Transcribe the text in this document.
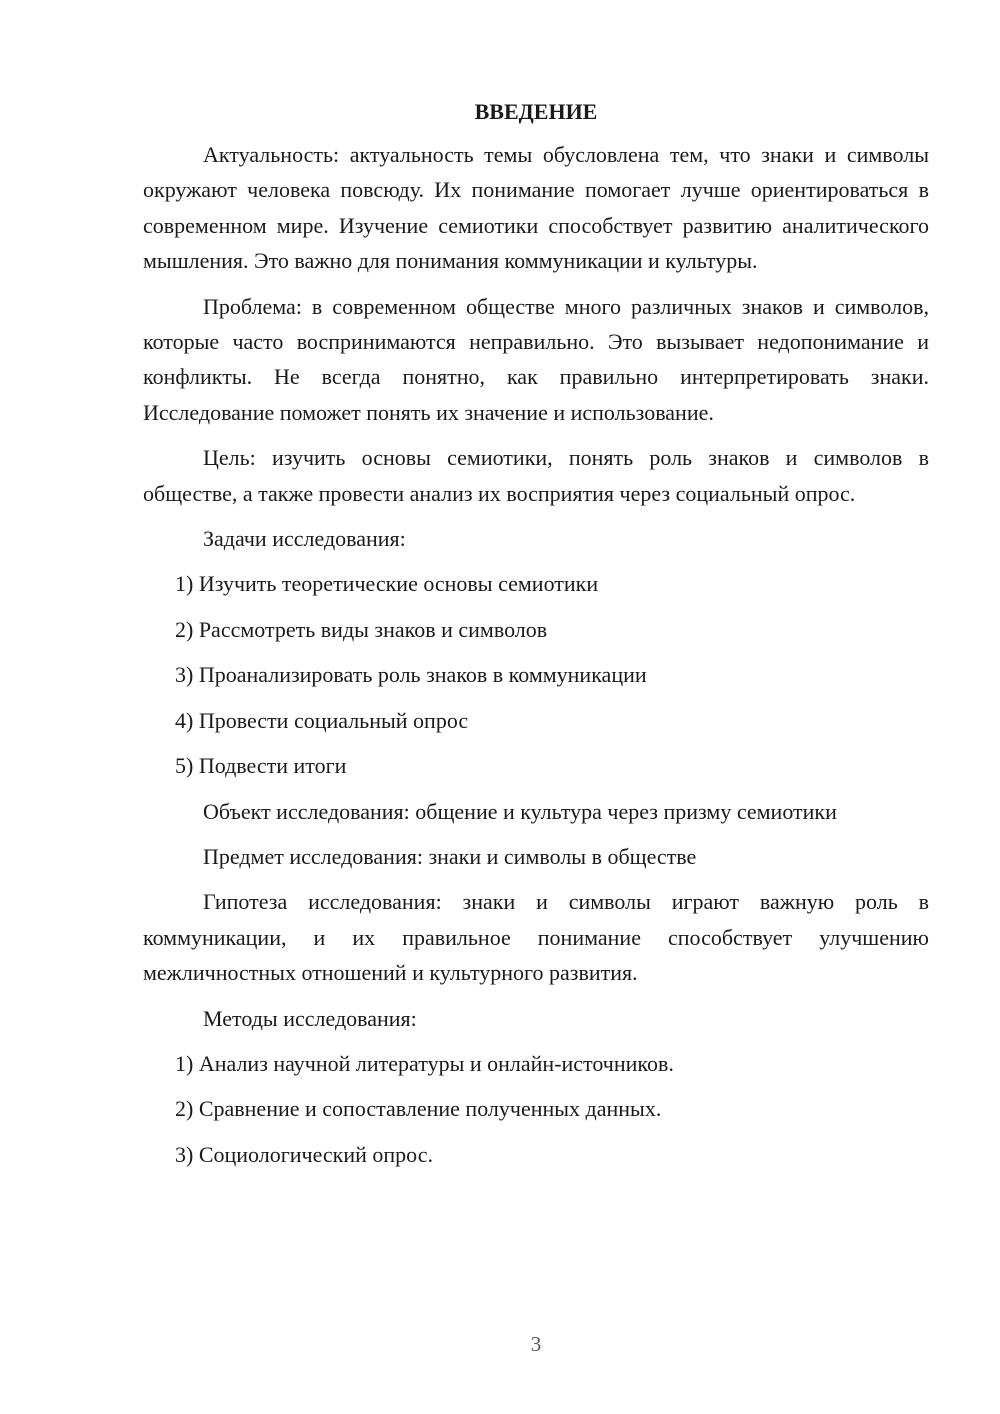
ВВЕДЕНИЕ

Актуальность: актуальность темы обусловлена тем, что знаки и символы окружают человека повсюду. Их понимание помогает лучше ориентироваться в современном мире. Изучение семиотики способствует развитию аналитического мышления. Это важно для понимания коммуникации и культуры.

Проблема: в современном обществе много различных знаков и символов, которые часто воспринимаются неправильно. Это вызывает недопонимание и конфликты. Не всегда понятно, как правильно интерпретировать знаки. Исследование поможет понять их значение и использование.

Цель: изучить основы семиотики, понять роль знаков и символов в обществе, а также провести анализ их восприятия через социальный опрос.

Задачи исследования:
1) Изучить теоретические основы семиотики
2) Рассмотреть виды знаков и символов
3) Проанализировать роль знаков в коммуникации
4) Провести социальный опрос
5) Подвести итоги
Объект исследования: общение и культура через призму семиотики
Предмет исследования: знаки и символы в обществе

Гипотеза исследования: знаки и символы играют важную роль в коммуникации, и их правильное понимание способствует улучшению межличностных отношений и культурного развития.

Методы исследования:
1) Анализ научной литературы и онлайн-источников.
2) Сравнение и сопоставление полученных данных.
3) Социологический опрос.
3
